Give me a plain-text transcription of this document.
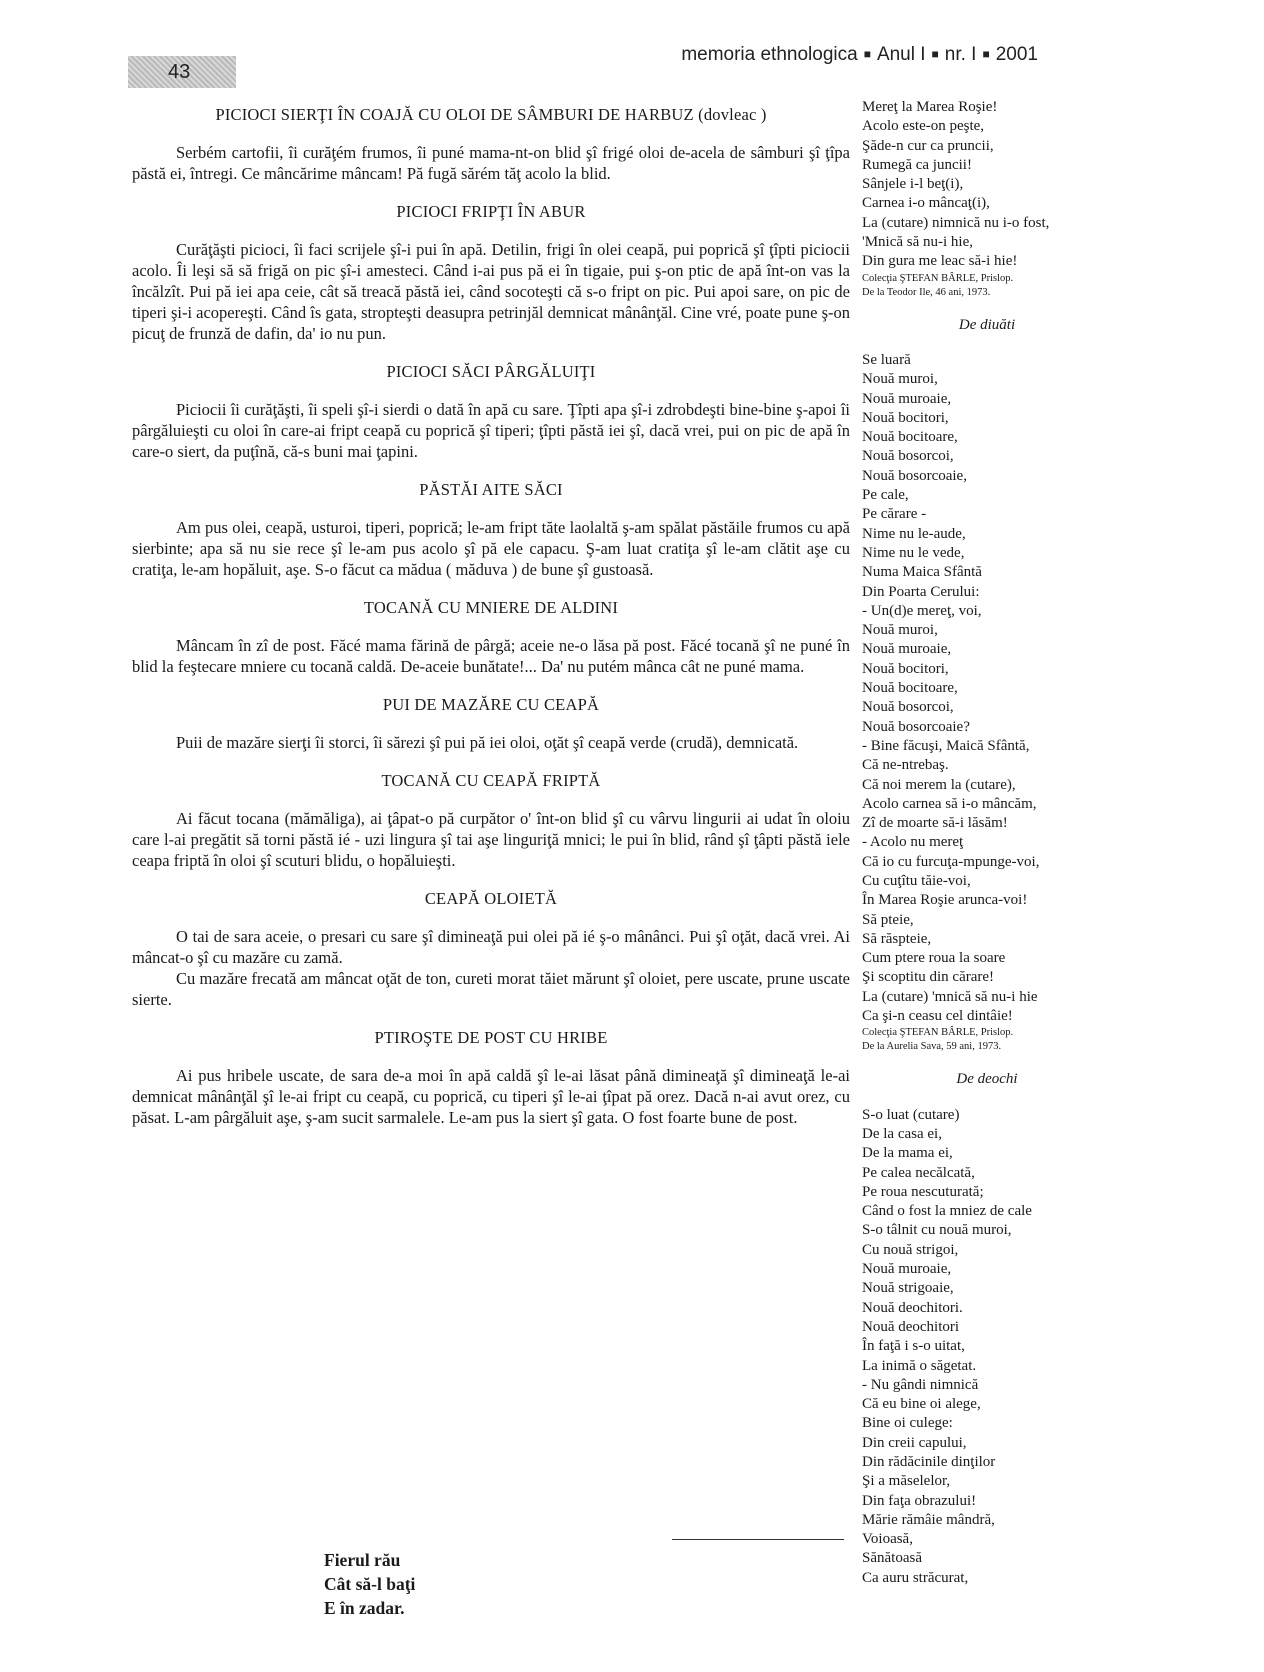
43
memoria ethnologica ■ Anul I ■ nr. I ■ 2001
PICIOCI SIERŢI ÎN COAJĂ CU OLOI DE SÂMBURI DE HARBUZ (dovleac )

Serbém cartofii, îi curăţém frumos, îi puné mama-nt-on blid şî frigé oloi de-acela de sâmburi şî ţîpa păstă ei, întregi. Ce mâncărime mâncam! Pă fugă sărém tăţ acolo la blid.

PICIOCI FRIPŢI ÎN ABUR

Curăţăşti picioci, îi faci scrijele şî-i pui în apă. Detilin, frigi în olei ceapă, pui poprică şî ţîpti piciocii acolo. Îi leşi să să frigă on pic şî-i amesteci. Când i-ai pus pă ei în tigaie, pui ş-on ptic de apă înt-on vas la încălzît. Pui pă iei apa ceie, cât să treacă păstă iei, când socoteşti că s-o fript on pic. Pui apoi sare, on pic de tiperi şi-i acopereşti. Când îs gata, stropteşti deasupra petrinjăl demnicat mânânţăl. Cine vré, poate pune ş-on picuţ de frunză de dafin, da' io nu pun.

PICIOCI SĂCI PÂRGĂLUIŢI

Piciocii îi curăţăşti, îi speli şî-i sierdi o dată în apă cu sare. Ţîpti apa şî-i zdrobdeşti bine-bine ş-apoi îi pârgăluieşti cu oloi în care-ai fript ceapă cu poprică şî tiperi; ţîpti păstă iei şî, dacă vrei, pui on pic de apă în care-o siert, da puţînă, că-s buni mai ţapini.

PĂSTĂI AITE SĂCI

Am pus olei, ceapă, usturoi, tiperi, poprică; le-am fript tăte laolaltă ş-am spălat păstăile frumos cu apă sierbinte; apa să nu sie rece şî le-am pus acolo şî pă ele capacu. Ş-am luat cratiţa şî le-am clătit aşe cu cratiţa, le-am hopăluit, aşe. S-o făcut ca mădua ( măduva ) de bune şî gustoasă.

TOCANĂ CU MNIERE DE ALDINI

Mâncam în zî de post. Făcé mama fărină de pârgă; aceie ne-o lăsa pă post. Făcé tocană şî ne puné în blid la feştecare mniere cu tocană caldă. De-aceie bunătate!... Da' nu putém mânca cât ne puné mama.

PUI DE MAZĂRE CU CEAPĂ

Puii de mazăre sierţi îi storci, îi sărezi şî pui pă iei oloi, oţăt şî ceapă verde (crudă), demnicată.

TOCANĂ CU CEAPĂ FRIPTĂ

Ai făcut tocana (mămăliga), ai ţâpat-o pă curpător o' înt-on blid şî cu vârvu lingurii ai udat în oloiu care l-ai pregătit să torni păstă ié - uzi lingura şî tai aşe linguriţă mnici; le pui în blid, rând şî ţâpti păstă iele ceapa friptă în oloi şî scuturi blidu, o hopăluieşti.

CEAPĂ OLOIETĂ

O tai de sara aceie, o presari cu sare şî dimineaţă pui olei pă ié ş-o mânânci. Pui şî oţăt, dacă vrei. Ai mâncat-o şî cu mazăre cu zamă.

Cu mazăre frecată am mâncat oţăt de ton, cureti morat tăiet mărunt şî oloiet, pere uscate, prune uscate sierte.

PTIROŞTE DE POST CU HRIBE

Ai pus hribele uscate, de sara de-a moi în apă caldă şî le-ai lăsat până dimineaţă şî dimineaţă le-ai demnicat mânânţăl şî le-ai fript cu ceapă, cu poprică, cu tiperi şî le-ai ţîpat pă orez. Dacă n-ai avut orez, cu păsat. L-am pârgăluit aşe, ş-am sucit sarmalele. Le-am pus la siert şî gata. O fost foarte bune de post.

Fierul rău
Cât să-l baţi
E în zadar.
Mereţ la Marea Roşie!
Acolo este-on peşte,
Şăde-n cur ca pruncii,
Rumegă ca juncii!
Sânjele i-l beţ(i),
Carnea i-o mâncaţ(i),
La (cutare) nimnică nu i-o fost,
'Mnică să nu-i hie,
Din gura me leac să-i hie!
Colecţia ŞTEFAN BÂRLE, Prislop.
De la Teodor Ile, 46 ani, 1973.
De diuăti
Se luară
Nouă muroi,
Nouă muroaie,
Nouă bocitori,
Nouă bocitoare,
Nouă bosorcoi,
Nouă bosorcoaie,
Pe cale,
Pe cărare -
Nime nu le-aude,
Nime nu le vede,
Numa Maica Sfântă
Din Poarta Cerului:
- Un(d)e mereţ, voi,
Nouă muroi,
Nouă muroaie,
Nouă bocitori,
Nouă bocitoare,
Nouă bosorcoi,
Nouă bosorcoaie?
- Bine făcuşi, Maică Sfântă,
Că ne-ntrebaş.
Că noi merem la (cutare),
Acolo carnea să i-o mâncăm,
Zî de moarte să-i lăsăm!
- Acolo nu mereţ
Că io cu furcuţa-mpunge-voi,
Cu cuţîtu tăie-voi,
În Marea Roşie arunca-voi!
Să pteie,
Să răspteie,
Cum ptere roua la soare
Şi scoptitu din cărare!
La (cutare) 'mnică să nu-i hie
Ca şi-n ceasu cel dintâie!
Colecţia ŞTEFAN BÂRLE, Prislop.
De la Aurelia Sava, 59 ani, 1973.
De deochi
S-o luat (cutare)
De la casa ei,
De la mama ei,
Pe calea necălcată,
Pe roua nescuturată;
Când o fost la mniez de cale
S-o tâlnit cu nouă muroi,
Cu nouă strigoi,
Nouă muroaie,
Nouă strigoaie,
Nouă deochitori.
Nouă deochitori
În faţă i s-o uitat,
La inimă o săgetat.
- Nu gândi nimnică
Că eu bine oi alege,
Bine oi culege:
Din creii capului,
Din rădăcinile dinţilor
Şi a măselelor,
Din faţa obrazului!
Mărie rămâie mândră,
Voioasă,
Sănătoasă
Ca auru străcurat,
